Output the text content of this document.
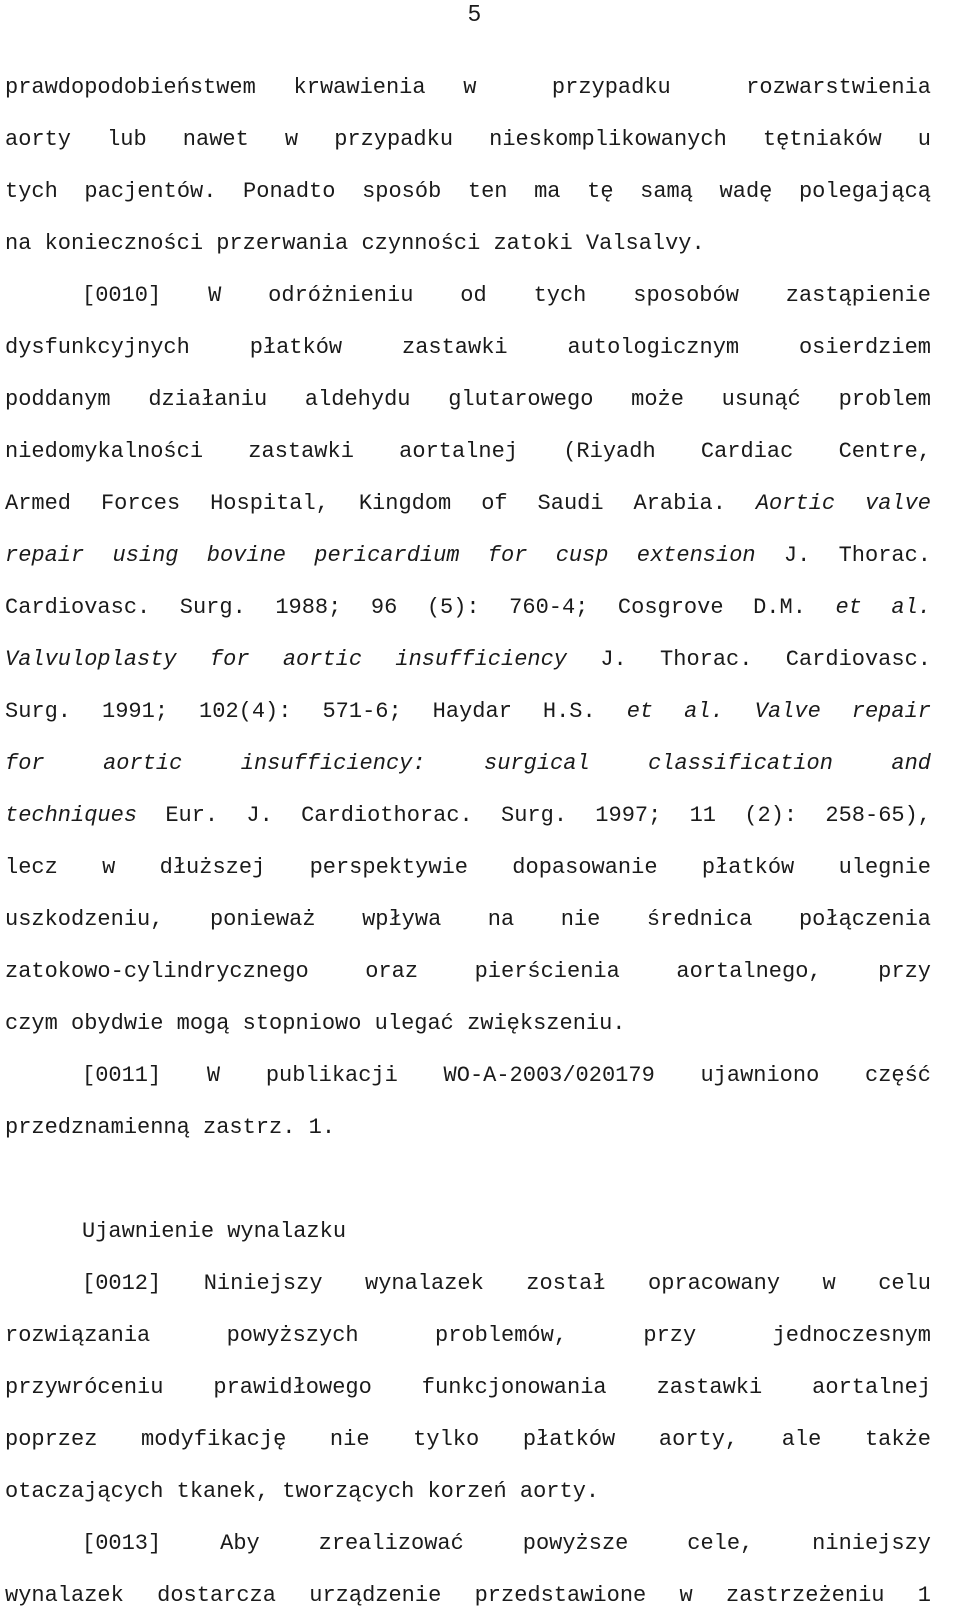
5
prawdopodobieństwem krwawienia w  przypadku  rozwarstwienia
aorty lub nawet w przypadku nieskomplikowanych tętniaków u
tych pacjentów. Ponadto sposób ten ma tę samą wadę polegającą
na konieczności przerwania czynności zatoki Valsalvy.
[0010] W odróżnieniu od tych sposobów zastąpienie
dysfunkcyjnych płatków zastawki autologicznym osierdziem
poddanym działaniu aldehydu glutarowego może usunąć problem
niedomykalności zastawki aortalnej (Riyadh Cardiac Centre,
Armed Forces Hospital, Kingdom of Saudi Arabia. Aortic valve
repair using bovine pericardium for cusp extension J. Thorac.
Cardiovasc. Surg. 1988; 96 (5): 760-4; Cosgrove D.M. et al.
Valvuloplasty for aortic insufficiency J. Thorac. Cardiovasc.
Surg. 1991; 102(4): 571-6; Haydar H.S. et al. Valve repair
for aortic insufficiency: surgical classification and
techniques Eur. J. Cardiothorac. Surg. 1997; 11 (2): 258-65),
lecz w dłuższej perspektywie dopasowanie płatków ulegnie
uszkodzeniu, ponieważ wpływa na nie średnica połączenia
zatokowo-cylindrycznego oraz pierścienia aortalnego, przy
czym obydwie mogą stopniowo ulegać zwiększeniu.
[0011] W publikacji WO-A-2003/020179 ujawniono część
przedznamienną zastrz. 1.
Ujawnienie wynalazku
[0012] Niniejszy wynalazek został opracowany w celu
rozwiązania powyższych problemów, przy jednoczesnym
przywróceniu prawidłowego funkcjonowania zastawki aortalnej
poprzez modyfikację nie tylko płatków aorty, ale także
otaczających tkanek, tworzących korzeń aorty.
[0013] Aby zrealizować powyższe cele, niniejszy
wynalazek dostarcza urządzenie przedstawione w zastrzeżeniu 1
